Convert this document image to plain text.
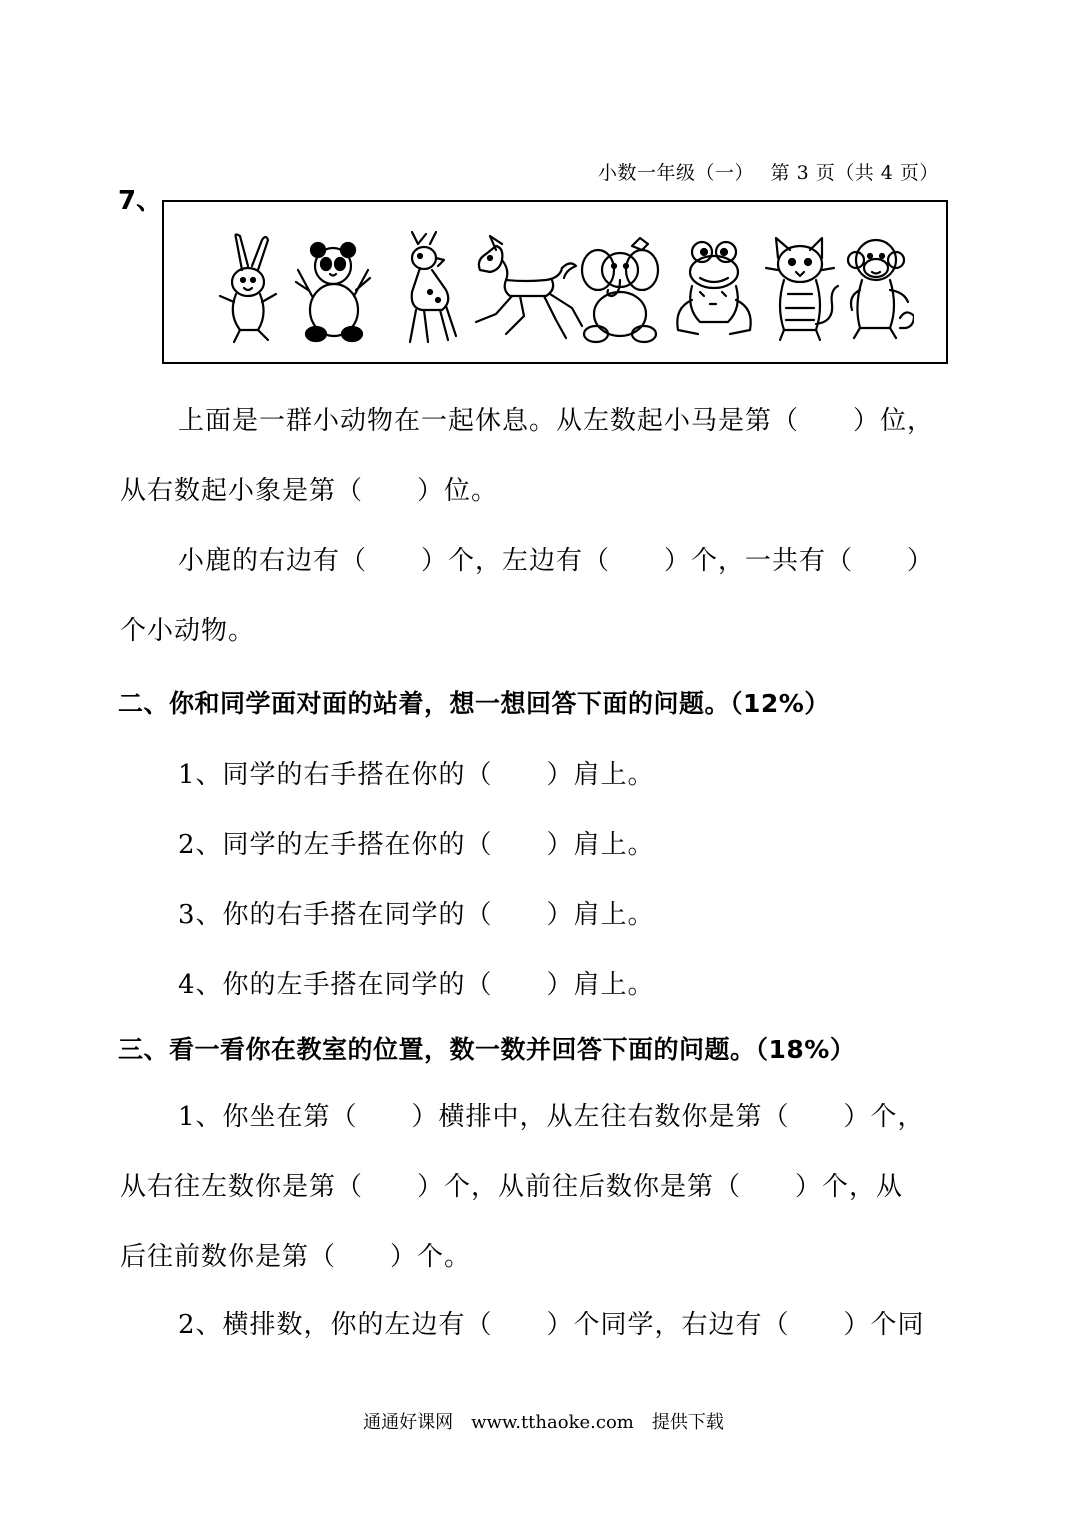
小数一年级（一）　 第 3 页（共 4 页）
7、
上面是一群小动物在一起休息。从左数起小马是第（　　）位，
从右数起小象是第（　　）位。
小鹿的右边有（　　）个，左边有（　　）个，一共有（　　）
个小动物。
二、你和同学面对面的站着，想一想回答下面的问题。（12%）
1、同学的右手搭在你的（　　）肩上。
2、同学的左手搭在你的（　　）肩上。
3、你的右手搭在同学的（　　）肩上。
4、你的左手搭在同学的（　　）肩上。
三、看一看你在教室的位置，数一数并回答下面的问题。（18%）
1、你坐在第（　　）横排中，从左往右数你是第（　　）个，
从右往左数你是第（　　）个，从前往后数你是第（　　）个，从
后往前数你是第（　　）个。
2、横排数，你的左边有（　　）个同学，右边有（　　）个同
通通好课网　www.tthaoke.com　提供下载
